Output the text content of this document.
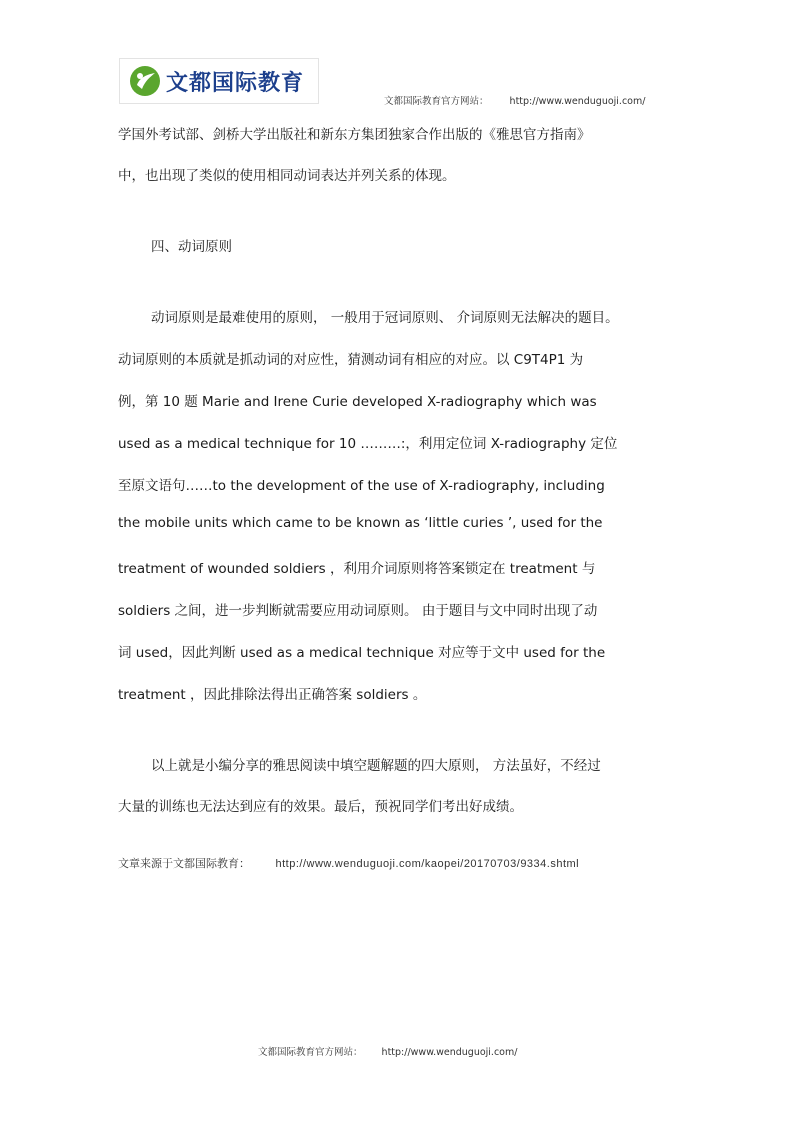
文都国际教育
文都国际教育官方网站： http://www.wenduguoji.com/
学国外考试部、剑桥大学出版社和新东方集团独家合作出版的《雅思官方指南》
中，也出现了类似的使用相同动词表达并列关系的体现。
四、动词原则
动词原则是最难使用的原则， 一般用于冠词原则、 介词原则无法解决的题目。
动词原则的本质就是抓动词的对应性，猜测动词有相应的对应。以 C9T4P1 为
例，第 10 题 Marie and Irene Curie developed X-radiography which was
used as a medical technique for 10 ………:，利用定位词 X-radiography 定位
至原文语句……to the development of the use of X-radiography, including
the mobile units which came to be known as ‘little curies ’, used for the
treatment of wounded soldiers ，利用介词原则将答案锁定在 treatment 与
soldiers 之间，进一步判断就需要应用动词原则。 由于题目与文中同时出现了动
词 used，因此判断 used as a medical technique 对应等于文中 used for the
treatment ，因此排除法得出正确答案 soldiers 。
以上就是小编分享的雅思阅读中填空题解题的四大原则， 方法虽好，不经过
大量的训练也无法达到应有的效果。最后，预祝同学们考出好成绩。
文章来源于文都国际教育： http://www.wenduguoji.com/kaopei/20170703/9334.shtml
文都国际教育官方网站： http://www.wenduguoji.com/
